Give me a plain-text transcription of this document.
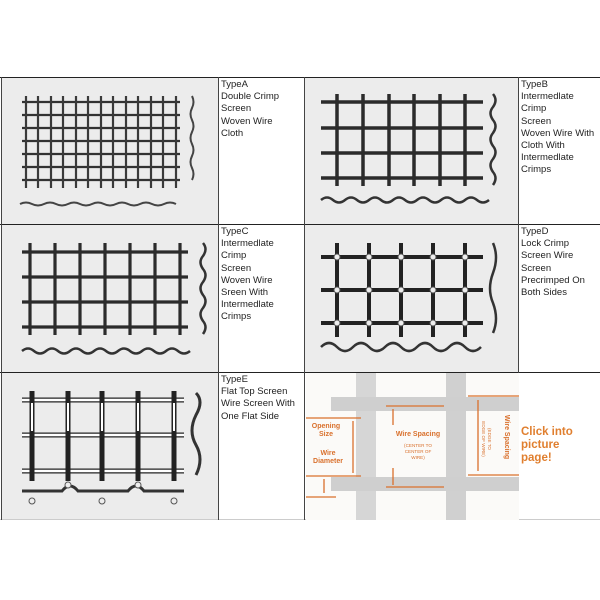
TypeA
Double Crimp
Screen
Woven Wire
Cloth
TypeB
Intermedlate
Crimp
Screen
Woven Wire With
Cloth With
Intermedlate
Crimps
TypeC
Intermedlate
Crimp
Screen
Woven Wire
Sreen With
Intermedlate
Crimps
TypeD
Lock Crimp
Screen Wire
Screen
Precrimped On
Both Sides
TypeE
Flat Top Screen
Wire Screen With
One Flat Side
Opening
Size
Wire
Diameter
Wire Spacing
(CENTER TO
CENTER OF
WIRE)	Wire Spacing
(EDGE TO
EDGE OF WIRE)	Click into
picture
page!
